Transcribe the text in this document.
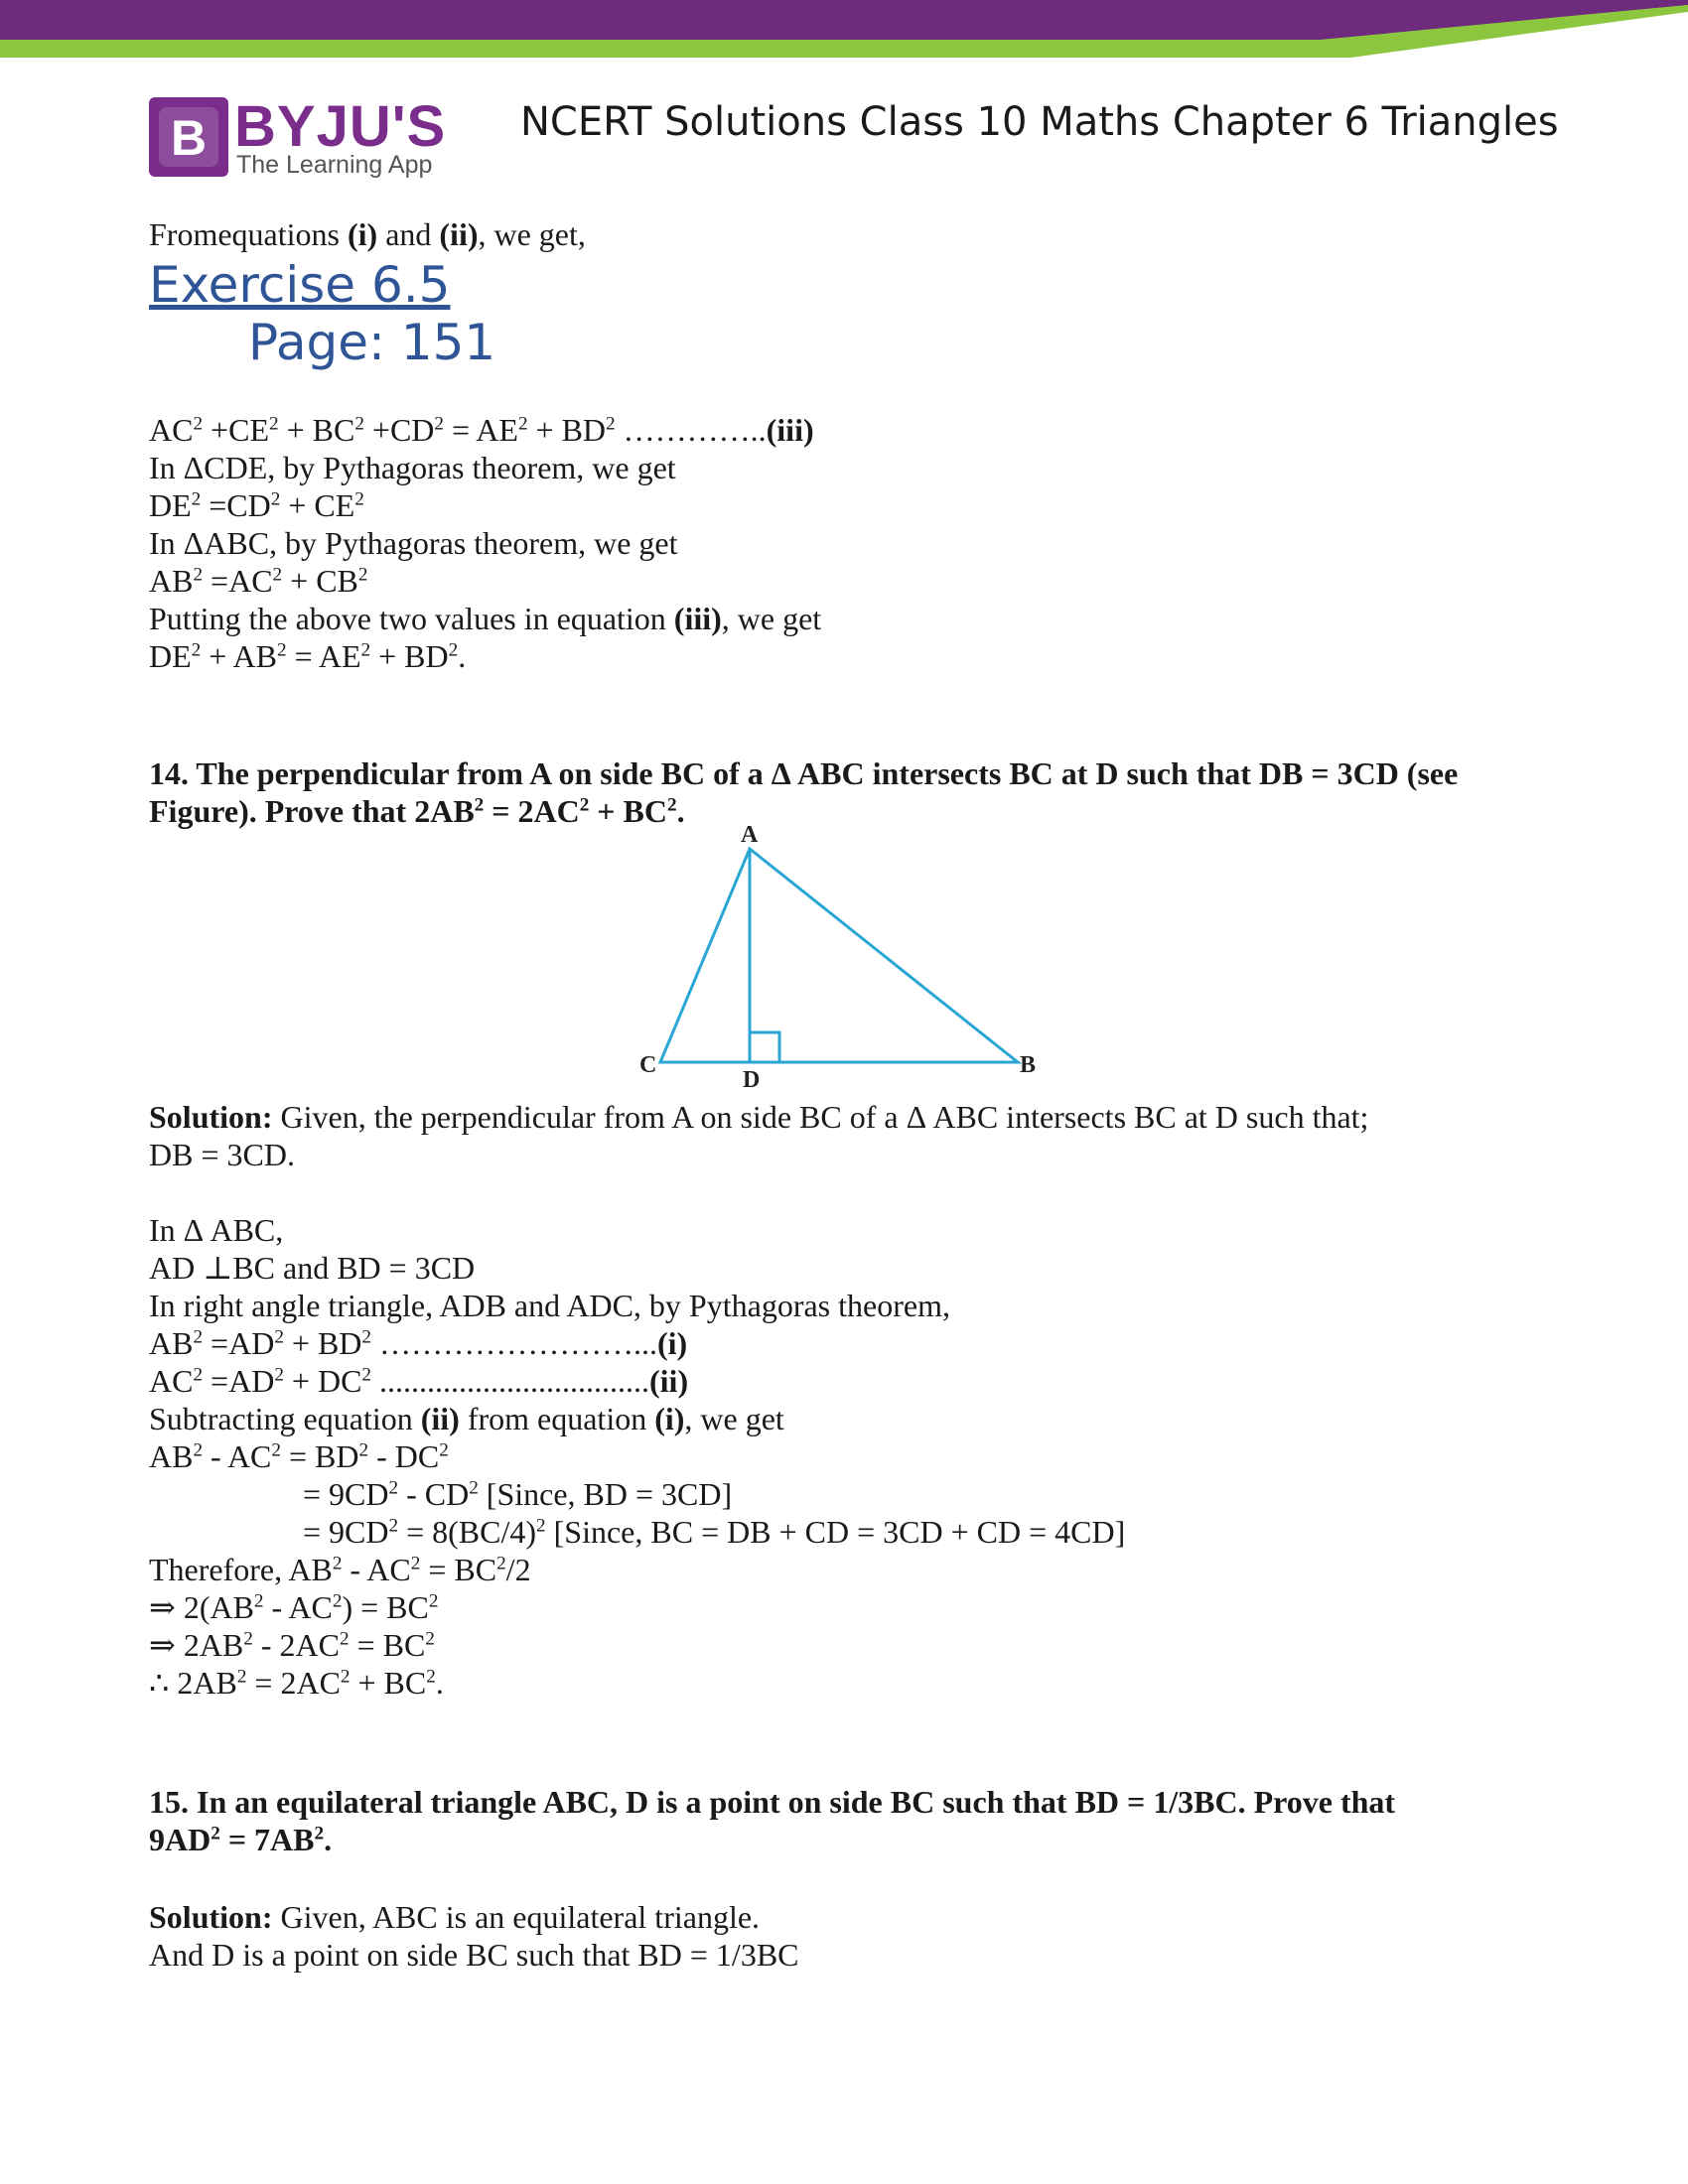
B BYJU'S
The Learning App
NCERT Solutions Class 10 Maths Chapter 6 Triangles
Fromequations (i) and (ii), we get,
Exercise 6.5
Page: 151
$AC^2 +CE^2 + BC^2 +CD^2 = AE^2 + BD^2$ …………..(iii)
In ΔCDE, by Pythagoras theorem, we get
$DE^2 =CD^2 + CE^2$
In ΔABC, by Pythagoras theorem, we get
$AB^2 =AC^2 + CB^2$
Putting the above two values in equation (iii), we get
$DE^2 + AB^2 = AE^2 + BD^2$.
14. The perpendicular from A on side BC of a Δ ABC intersects BC at D such that DB = 3CD (see
Figure). Prove that $2AB^2 = 2AC^2 + BC^2$.
A
C	B
D
Solution: Given, the perpendicular from A on side BC of a Δ ABC intersects BC at D such that;
DB = 3CD.
In Δ ABC,
AD ⊥BC and BD = 3CD
In right angle triangle, ADB and ADC, by Pythagoras theorem,
$AB^2 =AD^2 + BD^2$ ……………………...(i)
$AC^2 =AD^2 + DC^2$ ..................................(ii)
Subtracting equation (ii) from equation (i), we get
$AB^2 - AC^2 = BD^2 - DC^2$
= $9CD^2 - CD^2$ [Since, BD = 3CD]
= $9CD^2 = 8(BC/4)^2$ [Since, BC = DB + CD = 3CD + CD = 4CD]
Therefore, $AB^2 - AC^2 = BC^2/2$
⇒ $2(AB^2 - AC^2) = BC^2$
⇒ $2AB^2 - 2AC^2 = BC^2$
∴ $2AB^2 = 2AC^2 + BC^2$.
15. In an equilateral triangle ABC, D is a point on side BC such that BD = 1/3BC. Prove that
$9AD^2 = 7AB^2$.
Solution: Given, ABC is an equilateral triangle.
And D is a point on side BC such that BD = 1/3BC
